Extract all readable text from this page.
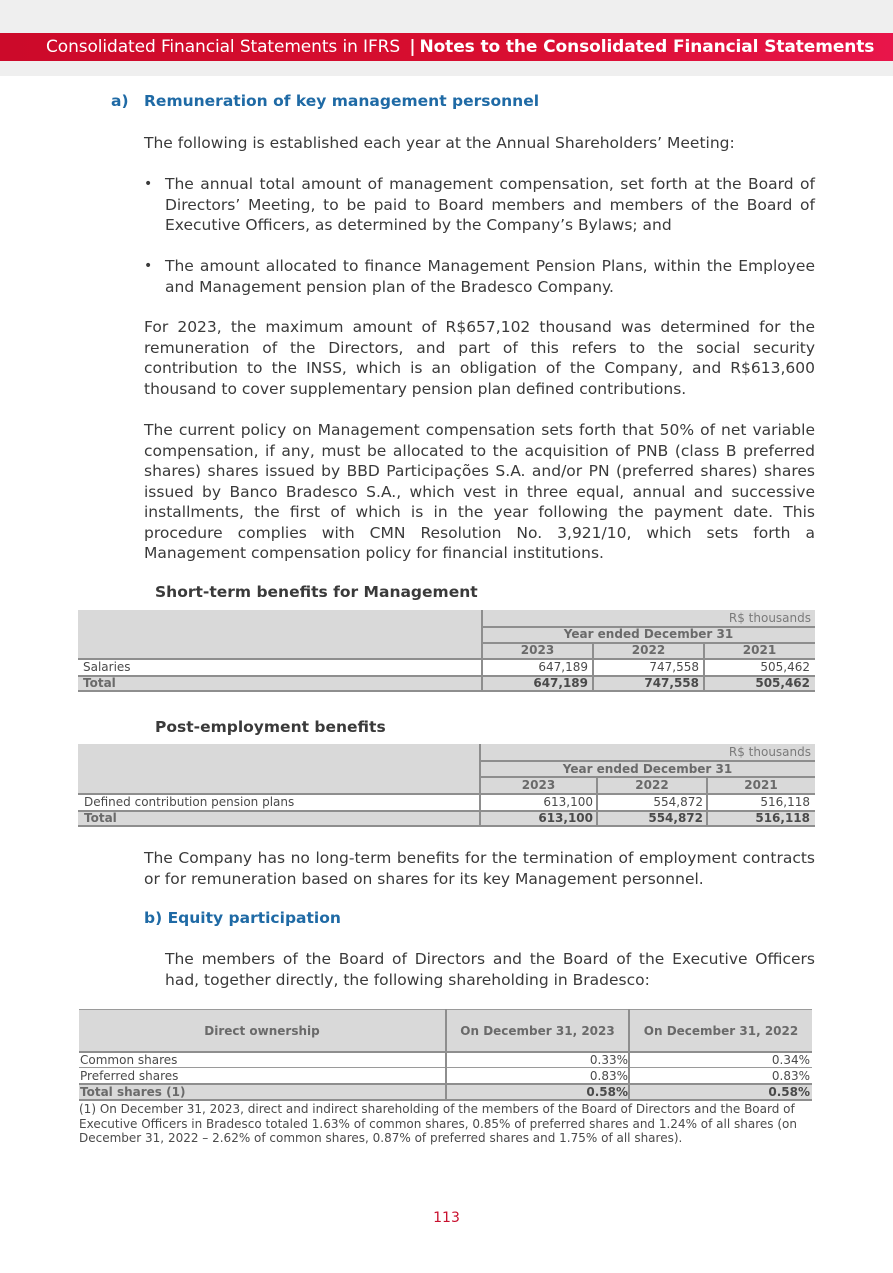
Consolidated Financial Statements in IFRS | Notes to the Consolidated Financial Statements
a) Remuneration of key management personnel
The following is established each year at the Annual Shareholders’ Meeting:
• The annual total amount of management compensation, set forth at the Board of Directors’ Meeting, to be paid to Board members and members of the Board of Executive Officers, as determined by the Company’s Bylaws; and
• The amount allocated to finance Management Pension Plans, within the Employee and Management pension plan of the Bradesco Company.
For 2023, the maximum amount of R$657,102 thousand was determined for the remuneration of the Directors, and part of this refers to the social security contribution to the INSS, which is an obligation of the Company, and R$613,600 thousand to cover supplementary pension plan defined contributions.
The current policy on Management compensation sets forth that 50% of net variable compensation, if any, must be allocated to the acquisition of PNB (class B preferred shares) shares issued by BBD Participações S.A. and/or PN (preferred shares) shares issued by Banco Bradesco S.A., which vest in three equal, annual and successive installments, the first of which is in the year following the payment date. This procedure complies with CMN Resolution No. 3,921/10, which sets forth a Management compensation policy for financial institutions.
Short-term benefits for Management
R$ thousands
Year ended December 31
2023	2022	2021
Salaries	647,189	747,558	505,462
Total	647,189	747,558	505,462
Post-employment benefits
R$ thousands
Year ended December 31
2023	2022	2021
Defined contribution pension plans	613,100	554,872	516,118
Total	613,100	554,872	516,118
The Company has no long-term benefits for the termination of employment contracts or for remuneration based on shares for its key Management personnel.
b) Equity participation
The members of the Board of Directors and the Board of the Executive Officers had, together directly, the following shareholding in Bradesco:
Direct ownership	On December 31, 2023	On December 31, 2022
Common shares	0.33%	0.34%
Preferred shares	0.83%	0.83%
Total shares (1)	0.58%	0.58%
(1) On December 31, 2023, direct and indirect shareholding of the members of the Board of Directors and the Board of Executive Officers in Bradesco totaled 1.63% of common shares, 0.85% of preferred shares and 1.24% of all shares (on December 31, 2022 – 2.62% of common shares, 0.87% of preferred shares and 1.75% of all shares).
113
